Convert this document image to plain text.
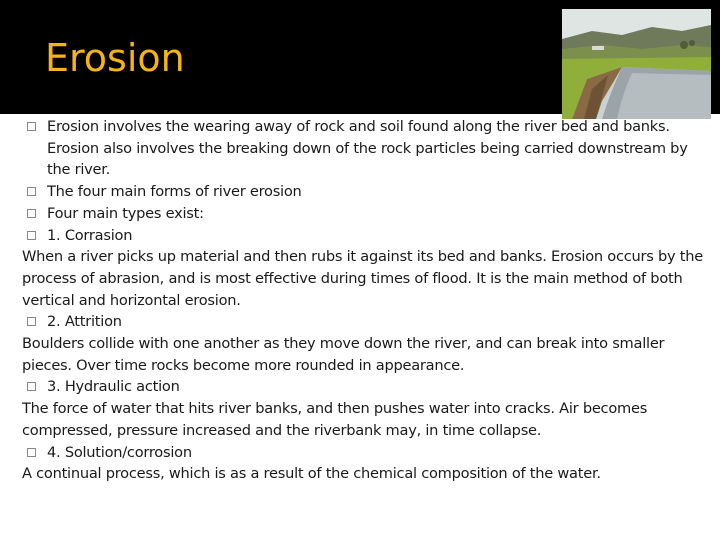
Erosion
Erosion involves the wearing away of rock and soil found along the river bed and banks. Erosion also involves the breaking down of the rock particles being carried downstream by the river.
The four main forms of river erosion
Four main types exist:
1. Corrasion
When a river picks up material and then rubs it against its bed and banks. Erosion occurs by the process of abrasion, and is most effective during times of flood. It is the main method of both vertical and horizontal erosion.
2. Attrition
Boulders collide with one another as they move down the river, and can break into smaller pieces. Over time rocks become more rounded in appearance.
3. Hydraulic action
The force of water that hits river banks, and then pushes water into cracks. Air becomes compressed, pressure increased and the riverbank may, in time collapse.
4. Solution/corrosion
A continual process, which is as a result of the chemical composition of the water.
